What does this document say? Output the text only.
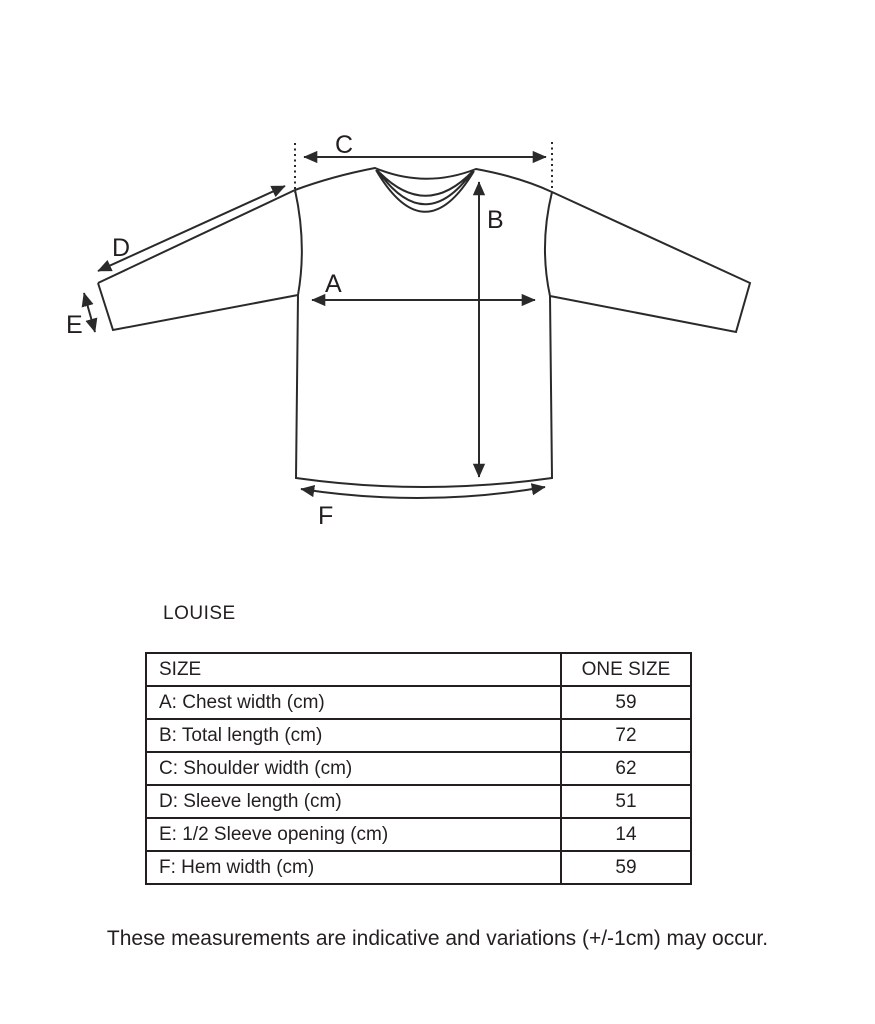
C
B
A
D
E
F
LOUISE
SIZE	ONE SIZE
A: Chest width (cm)	59
B: Total length (cm)	72
C: Shoulder width (cm)	62
D: Sleeve length (cm)	51
E: 1/2 Sleeve opening (cm)	14
F: Hem width (cm)	59
These measurements are indicative and variations (+/-1cm) may occur.
